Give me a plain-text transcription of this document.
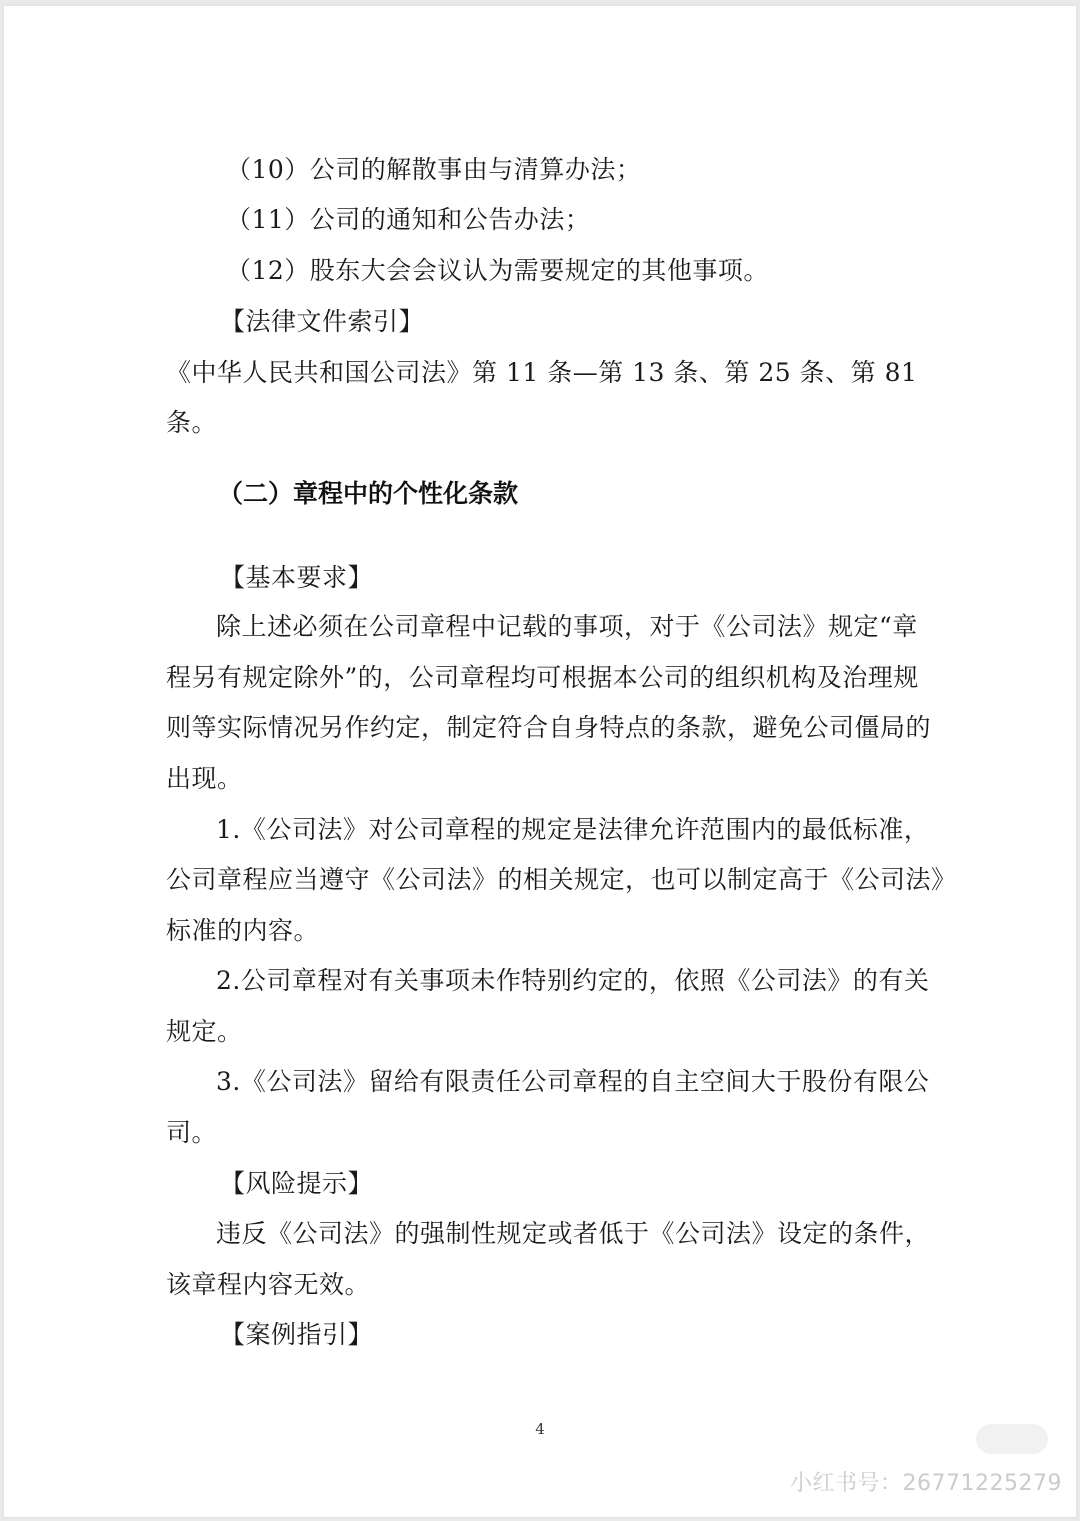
（10）公司的解散事由与清算办法；
（11）公司的通知和公告办法；
（12）股东大会会议认为需要规定的其他事项。
【法律文件索引】
《中华人民共和国公司法》第 11 条—第 13 条、第 25 条、第 81
条。
（二）章程中的个性化条款
【基本要求】
除上述必须在公司章程中记载的事项，对于《公司法》规定“章
程另有规定除外”的，公司章程均可根据本公司的组织机构及治理规
则等实际情况另作约定，制定符合自身特点的条款，避免公司僵局的
出现。
1.《公司法》对公司章程的规定是法律允许范围内的最低标准，
公司章程应当遵守《公司法》的相关规定，也可以制定高于《公司法》
标准的内容。
2.公司章程对有关事项未作特别约定的，依照《公司法》的有关
规定。
3.《公司法》留给有限责任公司章程的自主空间大于股份有限公
司。
【风险提示】
违反《公司法》的强制性规定或者低于《公司法》设定的条件，
该章程内容无效。
【案例指引】
4
小红书号：26771225279
